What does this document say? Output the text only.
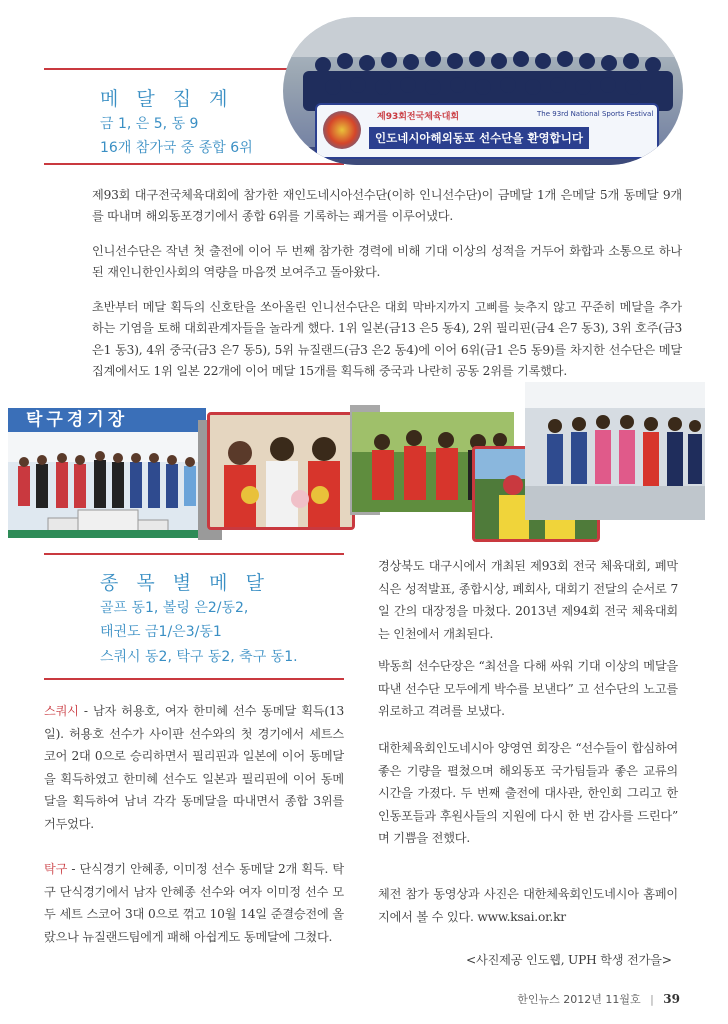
메 달 집 계
금 1, 은 5, 동 9
16개 참가국 중 종합 6위
제93회전국체육대회	The 93rd National Sports Festival
인도네시아해외동포 선수단을 환영합니다
제93회 대구전국체육대회에 참가한 재인도네시아선수단(이하 인니선수단)이 금메달 1개 은메달 5개 동메달 9개를 따내며 해외동포경기에서 종합 6위를 기록하는 쾌거를 이루어냈다.
인니선수단은 작년 첫 출전에 이어 두 번째 참가한 경력에 비해 기대 이상의 성적을 거두어 화합과 소통으로 하나 된 재인니한인사회의 역량을 마음껏 보여주고 돌아왔다.
초반부터 메달 획득의 신호탄을 쏘아올린 인니선수단은 대회 막바지까지 고삐를 늦추지 않고 꾸준히 메달을 추가하는 기염을 토해 대회관계자들을 놀라게 했다. 1위 일본(금13 은5 동4), 2위 필리핀(금4 은7 동3), 3위 호주(금3 은1 동3), 4위 중국(금3 은7 동5), 5위 뉴질랜드(금3 은2 동4)에 이어 6위(금1 은5 동9)를 차지한 선수단은 메달집계에서도 1위 일본 22개에 이어 메달 15개를 획득해 중국과 나란히 공동 2위를 기록했다.
탁구경기장
종 목 별 메 달
골프 동1, 볼링 은2/동2,
태권도 금1/은3/동1
스쿼시 동2, 탁구 동2, 축구 동1.
스쿼시 - 남자 허용호, 여자 한미혜 선수 동메달 획득(13일). 허용호 선수가 사이판 선수와의 첫 경기에서 세트스코어 2대 0으로 승리하면서 필리핀과 일본에 이어 동메달을 획득하였고 한미혜 선수도 일본과 필리핀에 이어 동메달을 획득하여 남녀 각각 동메달을 따내면서 종합 3위를 거두었다.
탁구 - 단식경기 안혜종, 이미정 선수 동메달 2개 획득. 탁구 단식경기에서 남자 안혜종 선수와 여자 이미정 선수 모두 세트 스코어 3대 0으로 꺾고 10월 14일 준결승전에 올랐으나 뉴질랜드팀에게 패해 아쉽게도 동메달에 그쳤다.
경상북도 대구시에서 개최된 제93회 전국 체육대회, 폐막식은 성적발표, 종합시상, 폐회사, 대회기 전달의 순서로 7일 간의 대장정을 마쳤다. 2013년 제94회 전국 체육대회는 인천에서 개최된다.
박동희 선수단장은 “최선을 다해 싸워 기대 이상의 메달을 따낸 선수단 모두에게 박수를 보낸다” 고 선수단의 노고를 위로하고 격려를 보냈다.
대한체육회인도네시아 양영연 회장은 “선수들이 합심하여 좋은 기량을 펼쳤으며 해외동포 국가팀들과 좋은 교류의 시간을 가졌다. 두 번째 출전에 대사관, 한인회 그리고 한인동포들과 후원사들의 지원에 다시 한 번 감사를 드린다” 며 기쁨을 전했다.
체전 참가 동영상과 사진은 대한체육회인도네시아 홈페이지에서 볼 수 있다. www.ksai.or.kr
<사진제공 인도웹, UPH 학생 전가을>
한인뉴스 2012년 11월호 | 39
